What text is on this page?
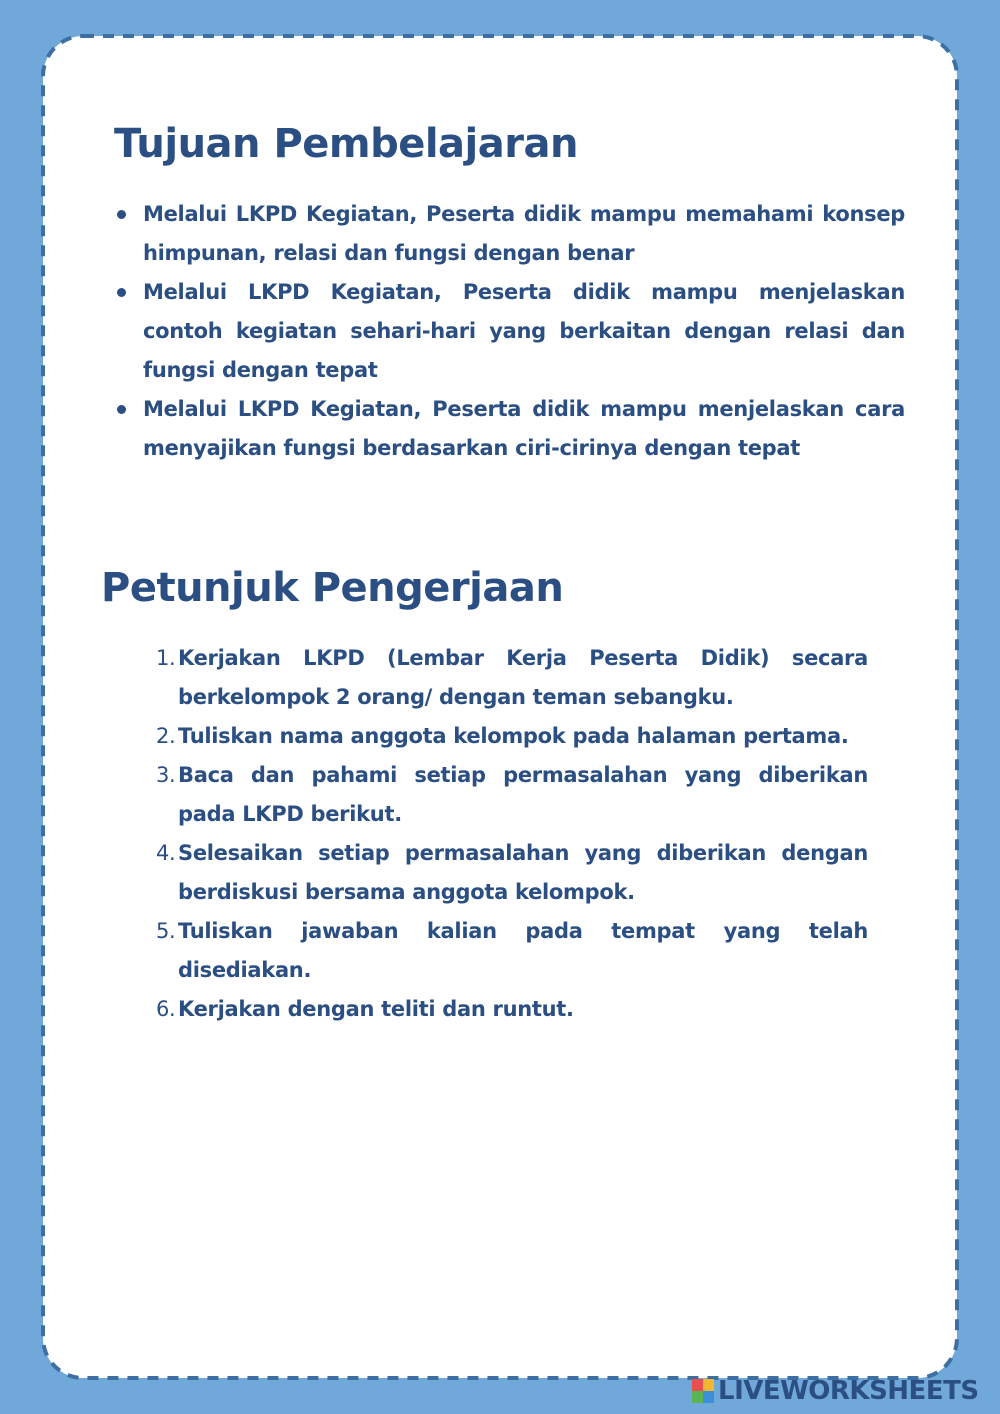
Tujuan Pembelajaran
Melalui LKPD Kegiatan, Peserta didik mampu memahami konsep himpunan, relasi dan fungsi dengan benar
Melalui LKPD Kegiatan, Peserta didik mampu menjelaskan contoh kegiatan sehari-hari yang berkaitan dengan relasi dan fungsi dengan tepat
Melalui LKPD Kegiatan, Peserta didik mampu menjelaskan cara menyajikan fungsi berdasarkan ciri-cirinya dengan tepat
Petunjuk Pengerjaan
1. Kerjakan LKPD (Lembar Kerja Peserta Didik) secara berkelompok 2 orang/ dengan teman sebangku.
2. Tuliskan nama anggota kelompok pada halaman pertama.
3. Baca dan pahami setiap permasalahan yang diberikan pada LKPD berikut.
4. Selesaikan setiap permasalahan yang diberikan dengan berdiskusi bersama anggota kelompok.
5. Tuliskan jawaban kalian pada tempat yang telah disediakan.
6. Kerjakan dengan teliti dan runtut.
LIVEWORKSHEETS
